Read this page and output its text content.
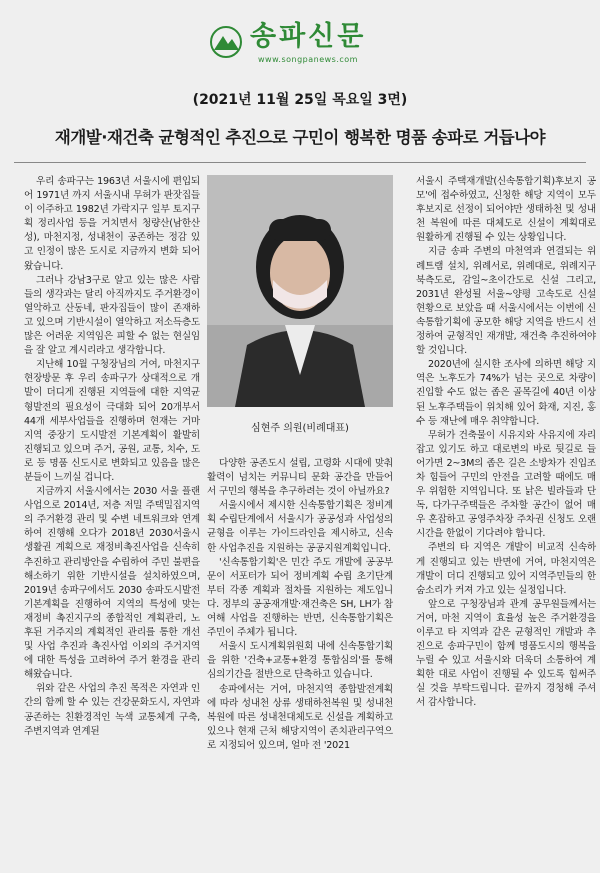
송파신문
www.songpanews.com
(2021년 11월 25일 목요일 3면)
재개발·재건축 균형적인 추진으로 구민이 행복한 명품 송파로 거듭나야

우리 송파구는 1963년 서울시에 편입되어 1971년 까지 서울시내 무허가 판잣집들이 이주하고 1982년 가락지구 일부 토지구획 정리사업 등을 거치면서 청량산(남한산성), 마천지정, 성내천이 공존하는 정감 있고 인정이 많은 도시로 지금까지 변화 되어 왔습니다.

그러나 강남3구로 알고 있는 많은 사람들의 생각과는 달리 아직까지도 주거환경이 열악하고 산동네, 판자집들이 많이 존재하고 있으며 기반시설이 열악하고 저소득층도 많은 어려운 지역임은 피할 수 없는 현실임을 잘 알고 계시리라고 생각합니다.

지난해 10월 구청장님의 거여, 마천지구 현장방문 후 우리 송파구가 상대적으로 개발이 더디게 진행된 지역들에 대한 지역균형발전의 필요성이 극대화 되어 20개부서 44개 세부사업들을 진행하며 현재는 거마지역 중장기 도시발전 기본계획이 활발히 진행되고 있으며 주거, 공원, 교통, 치수, 도로 등 명품 신도시로 변화되고 있음을 많은 분들이 느끼실 겁니다.

지금까지 서울시에서는 2030 서울 플랜 사업으로 2014년, 저층 저밀 주택밀집지역의 주거환경 관리 및 수변 네트워크와 연계하여 진행해 오다가 2018년 2030서울시 생활권 계획으로 재정비촉진사업을 신속히 추진하고 관리방안을 수립하여 주민 불편을 해소하기 위한 기반시설을 설치하였으며, 2019년 송파구에서도 2030 송파도시발전 기본계획을 진행하여 지역의 특성에 맞는 재정비 촉진지구의 종합적인 계획관리, 노후된 거주지의 계획적인 관리를 통한 개선 및 사업 추진과 촉진사업 이외의 주거지역에 대한 특성을 고려하여 주거 환경을 관리해왔습니다.

위와 같은 사업의 추진 목적은 자연과 인간의 함께 할 수 있는 건강문화도시, 자연과 공존하는 친환경적인 녹색 교통체계 구축, 주변지역과 연계된

심현주 의원(비례대표)

다양한 공존도시 설립, 고령화 시대에 맞춰 활력이 넘치는 커뮤니티 문화 공간을 만들어서 구민의 행복을 추구하려는 것이 아닐까요?

서울시에서 제시한 신속통합기획은 정비계획 수립단계에서 서울시가 공공성과 사업성의 균형을 이루는 가이드라인을 제시하고, 신속한 사업추진을 지원하는 공공지원계획입니다.

'신속통합기획'은 민간 주도 개발에 공공부문이 서포터가 되어 정비계획 수립 초기단계부터 각종 계획과 절차를 지원하는 제도입니다. 정부의 공공재개발·재건축은 SH, LH가 참여해 사업을 진행하는 반면, 신속통합기획은 주민이 주체가 됩니다.

서울시 도시계획위원회 내에 신속통합기획을 위한 '건축+교통+환경 통합심의'를 통해 심의기간을 절반으로 단축하고 있습니다.

송파에서는 거여, 마천지역 종합발전계획에 따라 성내천 상류 생태하천복원 및 성내천 복원에 따른 성내천대체도로 신설을 계획하고 있으나 현재 근처 해당지역이 존치관리구역으로 지정되어 있으며, 얼마 전 '2021

서울시 주택재개발(신속통합기획)후보지 공모'에 접수하였고, 신청한 해당 지역이 모두 후보지로 선정이 되어야만 생태하천 및 성내천 복원에 따른 대체도로 신설이 계획대로 원활하게 진행될 수 있는 상황입니다.

지금 송파 주변의 마천역과 연결되는 위례트램 설치, 위례서로, 위례대로, 위례지구 북측도로, 감일~초이간도로 신설 그리고, 2031년 완성될 서울~양평 고속도로 신설 현황으로 보았을 때 서울시에서는 이번에 신속통합기획에 공모한 해당 지역을 반드시 선정하여 균형적인 재개발, 재건축 추진하여야 할 것입니다.

2020년에 실시한 조사에 의하면 해당 지역은 노후도가 74%가 넘는 곳으로 차량이 진입할 수도 없는 좁은 골목길에 40년 이상 된 노후주택들이 위치해 있어 화재, 지진, 홍수 등 재난에 매우 취약합니다.

무허가 건축물이 시유지와 사유지에 자리 잡고 있기도 하고 대로변의 바로 뒷길로 들어가면 2~3M의 좁은 길은 소방차가 진입조차 힘들어 구민의 안전을 고려할 때에도 매우 위험한 지역입니다. 또 낡은 빌라들과 단독, 다가구주택들은 주차할 공간이 없어 매우 혼잡하고 공영주차장 주차권 신청도 오랜 시간을 한없이 기다려야 합니다.

주변의 타 지역은 개발이 비교적 신속하게 진행되고 있는 반면에 거여, 마천지역은 개발이 더디 진행되고 있어 지역주민들의 한숨소리가 커져 가고 있는 실정입니다.

앞으로 구청장님과 관계 공무원들께서는 거여, 마천 지역이 효율성 높은 주거환경을 이루고 타 지역과 같은 균형적인 개발과 추진으로 송파구민이 함께 명품도시의 행복을 누릴 수 있고 서울시와 더욱더 소통하여 계획한 대로 사업이 진행될 수 있도록 힘써주실 것을 부탁드립니다. 끝까지 경청해 주셔서 감사합니다.
